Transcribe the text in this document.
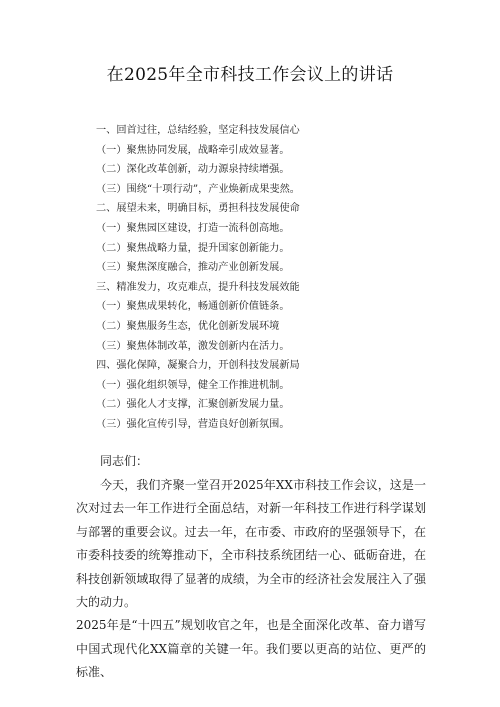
在2025年全市科技工作会议上的讲话
一、回首过往，总结经验，坚定科技发展信心
（一）聚焦协同发展，战略牵引成效显著。
（二）深化改革创新，动力源泉持续增强。
（三）围绕“十项行动”，产业焕新成果斐然。
二、展望未来，明确目标，勇担科技发展使命
（一）聚焦园区建设，打造一流科创高地。
（二）聚焦战略力量，提升国家创新能力。
（三）聚焦深度融合，推动产业创新发展。
三、精准发力，攻克难点，提升科技发展效能
（一）聚焦成果转化，畅通创新价值链条。
（二）聚焦服务生态，优化创新发展环境
（三）聚焦体制改革，激发创新内在活力。
四、强化保障，凝聚合力，开创科技发展新局
（一）强化组织领导，健全工作推进机制。
（二）强化人才支撑，汇聚创新发展力量。
（三）强化宣传引导，营造良好创新氛围。
同志们：

今天，我们齐聚一堂召开2025年XX市科技工作会议，这是一次对过去一年工作进行全面总结，对新一年科技工作进行科学谋划与部署的重要会议。过去一年，在市委、市政府的坚强领导下，在市委科技委的统筹推动下，全市科技系统团结一心、砥砺奋进，在科技创新领域取得了显著的成绩，为全市的经济社会发展注入了强大的动力。

2025年是“十四五”规划收官之年，也是全面深化改革、奋力谱写中国式现代化XX篇章的关键一年。我们要以更高的站位、更严的标准、
